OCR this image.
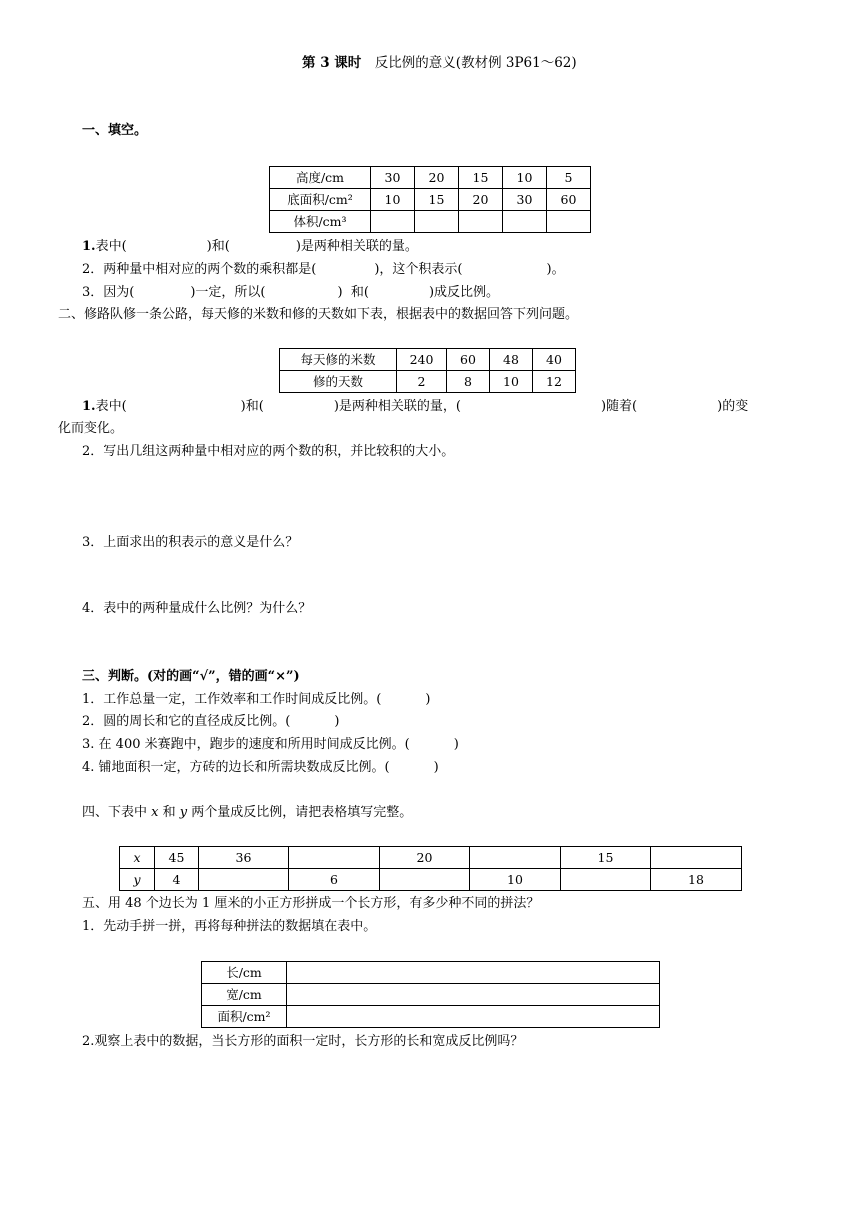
第 3 课时　 反比例的意义(教材例 3P61～62)
一、填空。
高度/cm	30	20	15	10	5
底面积/cm²	10	15	20	30	60
体积/cm³					
1.表中(	)和(	)是两种相关联的量。
2．两种量中相对应的两个数的乘积都是(	)，这个积表示(	)。
3．因为(	)一定，所以(	)  和(	)成反比例。
二、修路队修一条公路，每天修的米数和修的天数如下表，根据表中的数据回答下列问题。
每天修的米数	240	60	48	40
修的天数	2	8	10	12
1.表中(	)和(	)是两种相关联的量，(	)随着(	)的变
化而变化。
2．写出几组这两种量中相对应的两个数的积，并比较积的大小。
3．上面求出的积表示的意义是什么？
4．表中的两种量成什么比例？为什么？
三、判断。(对的画“√”，错的画“×”)
1．工作总量一定，工作效率和工作时间成反比例。(	)
2．圆的周长和它的直径成反比例。(	)
3. 在 400 米赛跑中，跑步的速度和所用时间成反比例。(	)
4. 铺地面积一定，方砖的边长和所需块数成反比例。(	)
四、下表中 x 和 y 两个量成反比例，请把表格填写完整。
x	45	36		20		15	
y	4		6		10		18
五、用 48 个边长为 1 厘米的小正方形拼成一个长方形，有多少种不同的拼法？
1．先动手拼一拼，再将每种拼法的数据填在表中。
长/cm	
宽/cm	
面积/cm²	
2.观察上表中的数据，当长方形的面积一定时，长方形的长和宽成反比例吗？
